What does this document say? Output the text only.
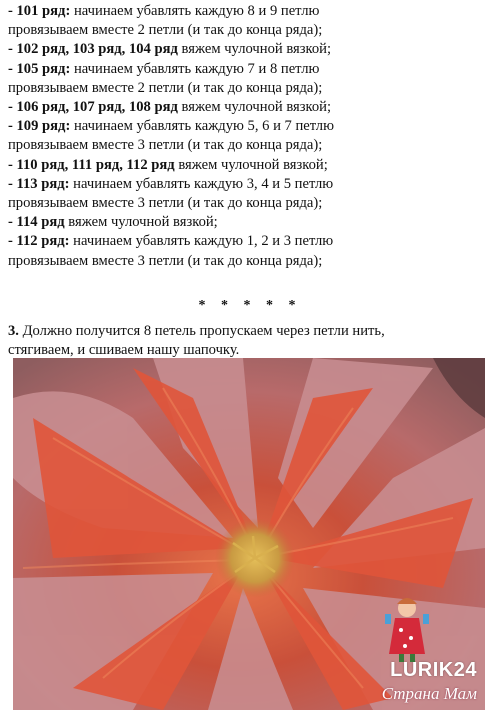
- 101 ряд: начинаем убавлять каждую 8 и 9 петлю
провязываем вместе 2 петли (и так до конца ряда);
- 102 ряд, 103 ряд, 104 ряд вяжем чулочной вязкой;
- 105 ряд: начинаем убавлять каждую 7 и 8 петлю
провязываем вместе 2 петли (и так до конца ряда);
- 106 ряд, 107 ряд, 108 ряд вяжем чулочной вязкой;
- 109 ряд: начинаем убавлять каждую 5, 6 и 7 петлю
провязываем вместе 3 петли (и так до конца ряда);
- 110 ряд, 111 ряд, 112 ряд вяжем чулочной вязкой;
- 113 ряд: начинаем убавлять каждую 3, 4 и 5 петлю
провязываем вместе 3 петли (и так до конца ряда);
- 114 ряд вяжем чулочной вязкой;
- 112 ряд: начинаем убавлять каждую 1, 2 и 3 петлю
провязываем вместе 3 петли (и так до конца ряда);
* * * * *
3. Должно получится 8 петель пропускаем через петли нить,
стягиваем, и сшиваем нашу шапочку.
LURIK24
Страна Мам
